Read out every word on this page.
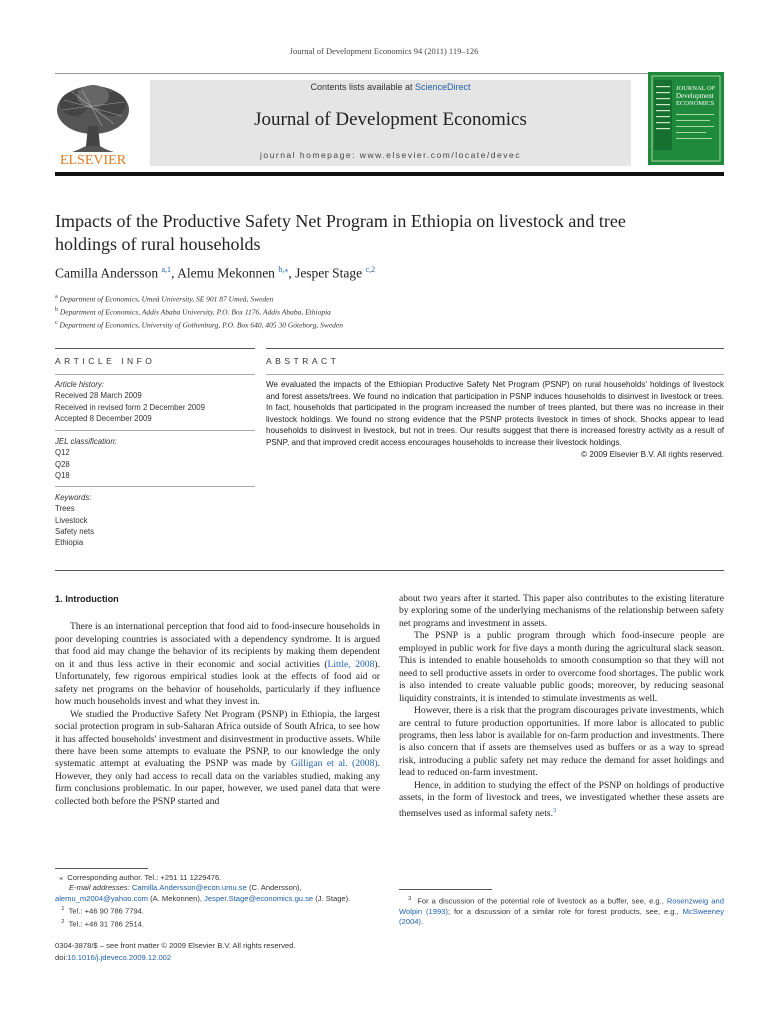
Journal of Development Economics 94 (2011) 119–126
ELSEVIER
Contents lists available at ScienceDirect
Journal of Development Economics
journal homepage: www.elsevier.com/locate/devec
JOURNAL OF
Development
ECONOMICS
Impacts of the Productive Safety Net Program in Ethiopia on livestock and tree holdings of rural households
Camilla Andersson $^{a,1}$, Alemu Mekonnen $^{b,⁎}$, Jesper Stage $^{c,2}$
$^a$ Department of Economics, Umeå University, SE 901 87 Umeå, Sweden
$^b$ Department of Economics, Addis Ababa University, P.O. Box 1176, Addis Ababa, Ethiopia
$^c$ Department of Economics, University of Gothenburg, P.O. Box 640, 405 30 Göteborg, Sweden
ARTICLE INFO
Article history:
Received 28 March 2009
Received in revised form 2 December 2009
Accepted 8 December 2009
JEL classification:
Q12
Q28
Q18
Keywords:
Trees
Livestock
Safety nets
Ethiopia
ABSTRACT
We evaluated the impacts of the Ethiopian Productive Safety Net Program (PSNP) on rural households' holdings of livestock and forest assets/trees. We found no indication that participation in PSNP induces households to disinvest in livestock or trees. In fact, households that participated in the program increased the number of trees planted, but there was no increase in their livestock holdings. We found no strong evidence that the PSNP protects livestock in times of shock. Shocks appear to lead households to disinvest in livestock, but not in trees. Our results suggest that there is increased forestry activity as a result of PSNP, and that improved credit access encourages households to increase their livestock holdings.
© 2009 Elsevier B.V. All rights reserved.
1. Introduction

There is an international perception that food aid to food-insecure households in poor developing countries is associated with a dependency syndrome. It is argued that food aid may change the behavior of its recipients by making them dependent on it and thus less active in their economic and social activities (Little, 2008). Unfortunately, few rigorous empirical studies look at the effects of food aid or safety net programs on the behavior of households, particularly if they influence how much households invest and what they invest in.

We studied the Productive Safety Net Program (PSNP) in Ethiopia, the largest social protection program in sub-Saharan Africa outside of South Africa, to see how it has affected households' investment and disinvestment in productive assets. While there have been some attempts to evaluate the PSNP, to our knowledge the only systematic attempt at evaluating the PSNP was made by Gilligan et al. (2008). However, they only had access to recall data on the variables studied, making any firm conclusions problematic. In our paper, however, we used panel data that were collected both before the PSNP started and

about two years after it started. This paper also contributes to the existing literature by exploring some of the underlying mechanisms of the relationship between safety net programs and investment in assets.

The PSNP is a public program through which food-insecure people are employed in public work for five days a month during the agricultural slack season. This is intended to enable households to smooth consumption so that they will not need to sell productive assets in order to overcome food shortages. The public work is also intended to create valuable public goods; moreover, by reducing seasonal liquidity constraints, it is intended to stimulate investments as well.

However, there is a risk that the program discourages private investments, which are central to future production opportunities. If more labor is allocated to public programs, then less labor is available for on-farm production and investments. There is also concern that if assets are themselves used as buffers or as a way to spread risk, introducing a public safety net may reduce the demand for asset holdings and lead to reduced on-farm investment.

Hence, in addition to studying the effect of the PSNP on holdings of productive assets, in the form of livestock and trees, we investigated whether these assets are themselves used as informal safety nets.$^3$

⁎ Corresponding author. Tel.: +251 11 1229476.
E-mail addresses: Camilla.Andersson@econ.umu.se (C. Andersson),
alemu_m2004@yahoo.com (A. Mekonnen), Jesper.Stage@economics.gu.se (J. Stage).
$^1$ Tel.: +46 90 786 7794.
$^2$ Tel.: +46 31 786 2514.
$^3$ For a discussion of the potential role of livestock as a buffer, see, e.g., Rosenzweig and Wolpin (1993); for a discussion of a similar role for forest products, see, e.g., McSweeney (2004).
0304-3878/$ – see front matter © 2009 Elsevier B.V. All rights reserved.
doi:10.1016/j.jdeveco.2009.12.002
